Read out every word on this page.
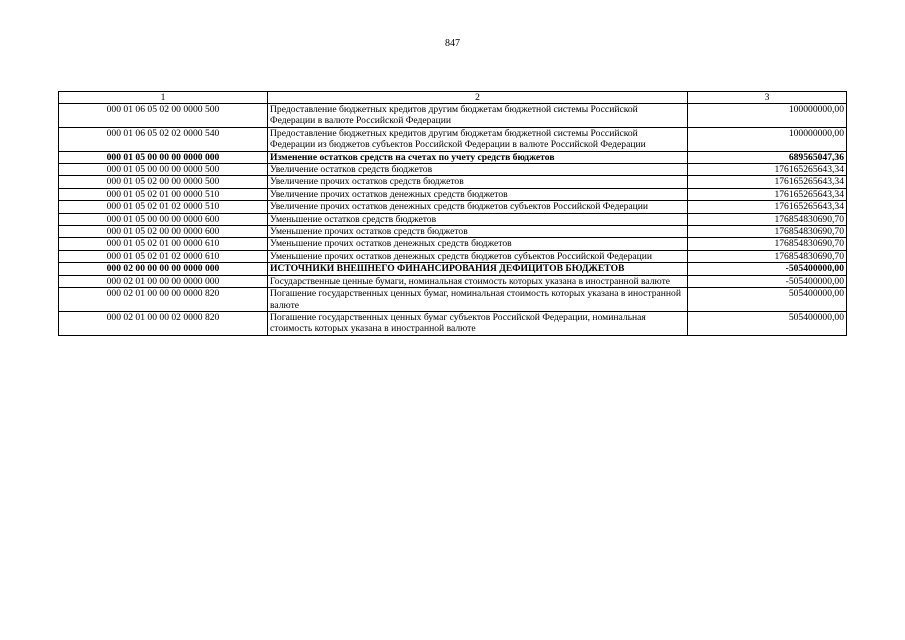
847
1	2	3
000 01 06 05 02 00 0000 500	Предоставление бюджетных кредитов другим бюджетам бюджетной системы Российской Федерации в валюте Российской Федерации	100000000,00
000 01 06 05 02 02 0000 540	Предоставление бюджетных кредитов другим бюджетам бюджетной системы Российской Федерации из бюджетов субъектов Российской Федерации в валюте Российской Федерации	100000000,00
000 01 05 00 00 00 0000 000	Изменение остатков средств на счетах по учету средств бюджетов	689565047,36
000 01 05 00 00 00 0000 500	Увеличение остатков средств бюджетов	176165265643,34
000 01 05 02 00 00 0000 500	Увеличение прочих остатков средств бюджетов	176165265643,34
000 01 05 02 01 00 0000 510	Увеличение прочих остатков денежных средств бюджетов	176165265643,34
000 01 05 02 01 02 0000 510	Увеличение прочих остатков денежных средств бюджетов субъектов Российской Федерации	176165265643,34
000 01 05 00 00 00 0000 600	Уменьшение остатков средств бюджетов	176854830690,70
000 01 05 02 00 00 0000 600	Уменьшение прочих остатков средств бюджетов	176854830690,70
000 01 05 02 01 00 0000 610	Уменьшение прочих остатков денежных средств бюджетов	176854830690,70
000 01 05 02 01 02 0000 610	Уменьшение прочих остатков денежных средств бюджетов субъектов Российской Федерации	176854830690,70
000 02 00 00 00 00 0000 000	ИСТОЧНИКИ ВНЕШНЕГО ФИНАНСИРОВАНИЯ ДЕФИЦИТОВ БЮДЖЕТОВ	-505400000,00
000 02 01 00 00 00 0000 000	Государственные ценные бумаги, номинальная стоимость которых указана в иностранной валюте	-505400000,00
000 02 01 00 00 00 0000 820	Погашение государственных ценных бумаг, номинальная стоимость которых указана в иностранной валюте	505400000,00
000 02 01 00 00 02 0000 820	Погашение государственных ценных бумаг субъектов Российской Федерации, номинальная стоимость которых указана в иностранной валюте	505400000,00
